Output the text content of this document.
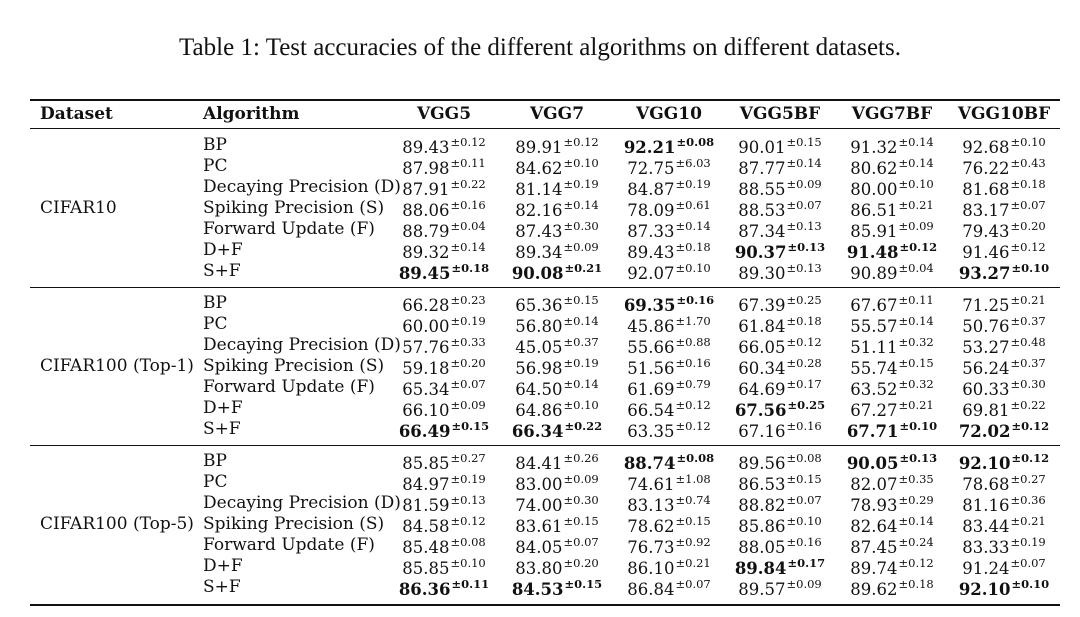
Table 1: Test accuracies of the different algorithms on different datasets.
Dataset	Algorithm	VGG5	VGG7	VGG10	VGG5BF	VGG7BF	VGG10BF
CIFAR10
BP	$89.43^{\pm 0.12}$	$89.91^{\pm 0.12}$	$92.21^{\pm 0.08}$	$90.01^{\pm 0.15}$	$91.32^{\pm 0.14}$	$92.68^{\pm 0.10}$
PC	$87.98^{\pm 0.11}$	$84.62^{\pm 0.10}$	$72.75^{\pm 6.03}$	$87.77^{\pm 0.14}$	$80.62^{\pm 0.14}$	$76.22^{\pm 0.43}$
Decaying Precision (D) $87.91^{\pm 0.22}$	$81.14^{\pm 0.19}$	$84.87^{\pm 0.19}$	$88.55^{\pm 0.09}$	$80.00^{\pm 0.10}$	$81.68^{\pm 0.18}$
Spiking Precision (S)	$88.06^{\pm 0.16}$	$82.16^{\pm 0.14}$	$78.09^{\pm 0.61}$	$88.53^{\pm 0.07}$	$86.51^{\pm 0.21}$	$83.17^{\pm 0.07}$
Forward Update (F)	$88.79^{\pm 0.04}$	$87.43^{\pm 0.30}$	$87.33^{\pm 0.14}$	$87.34^{\pm 0.13}$	$85.91^{\pm 0.09}$	$79.43^{\pm 0.20}$
D+F	$89.32^{\pm 0.14}$	$89.34^{\pm 0.09}$	$89.43^{\pm 0.18}$	$90.37^{\pm 0.13}$	$91.48^{\pm 0.12}$	$91.46^{\pm 0.12}$
S+F	$89.45^{\pm 0.18}$	$90.08^{\pm 0.21}$	$92.07^{\pm 0.10}$	$89.30^{\pm 0.13}$	$90.89^{\pm 0.04}$	$93.27^{\pm 0.10}$
CIFAR100 (Top-1)
BP	$66.28^{\pm 0.23}$	$65.36^{\pm 0.15}$	$69.35^{\pm 0.16}$	$67.39^{\pm 0.25}$	$67.67^{\pm 0.11}$	$71.25^{\pm 0.21}$
PC	$60.00^{\pm 0.19}$	$56.80^{\pm 0.14}$	$45.86^{\pm 1.70}$	$61.84^{\pm 0.18}$	$55.57^{\pm 0.14}$	$50.76^{\pm 0.37}$
Decaying Precision (D) $57.76^{\pm 0.33}$	$45.05^{\pm 0.37}$	$55.66^{\pm 0.88}$	$66.05^{\pm 0.12}$	$51.11^{\pm 0.32}$	$53.27^{\pm 0.48}$
Spiking Precision (S)	$59.18^{\pm 0.20}$	$56.98^{\pm 0.19}$	$51.56^{\pm 0.16}$	$60.34^{\pm 0.28}$	$55.74^{\pm 0.15}$	$56.24^{\pm 0.37}$
Forward Update (F)	$65.34^{\pm 0.07}$	$64.50^{\pm 0.14}$	$61.69^{\pm 0.79}$	$64.69^{\pm 0.17}$	$63.52^{\pm 0.32}$	$60.33^{\pm 0.30}$
D+F	$66.10^{\pm 0.09}$	$64.86^{\pm 0.10}$	$66.54^{\pm 0.12}$	$67.56^{\pm 0.25}$	$67.27^{\pm 0.21}$	$69.81^{\pm 0.22}$
S+F	$66.49^{\pm 0.15}$	$66.34^{\pm 0.22}$	$63.35^{\pm 0.12}$	$67.16^{\pm 0.16}$	$67.71^{\pm 0.10}$	$72.02^{\pm 0.12}$
CIFAR100 (Top-5)
BP	$85.85^{\pm 0.27}$	$84.41^{\pm 0.26}$	$88.74^{\pm 0.08}$	$89.56^{\pm 0.08}$	$90.05^{\pm 0.13}$	$92.10^{\pm 0.12}$
PC	$84.97^{\pm 0.19}$	$83.00^{\pm 0.09}$	$74.61^{\pm 1.08}$	$86.53^{\pm 0.15}$	$82.07^{\pm 0.35}$	$78.68^{\pm 0.27}$
Decaying Precision (D) $81.59^{\pm 0.13}$	$74.00^{\pm 0.30}$	$83.13^{\pm 0.74}$	$88.82^{\pm 0.07}$	$78.93^{\pm 0.29}$	$81.16^{\pm 0.36}$
Spiking Precision (S)	$84.58^{\pm 0.12}$	$83.61^{\pm 0.15}$	$78.62^{\pm 0.15}$	$85.86^{\pm 0.10}$	$82.64^{\pm 0.14}$	$83.44^{\pm 0.21}$
Forward Update (F)	$85.48^{\pm 0.08}$	$84.05^{\pm 0.07}$	$76.73^{\pm 0.92}$	$88.05^{\pm 0.16}$	$87.45^{\pm 0.24}$	$83.33^{\pm 0.19}$
D+F	$85.85^{\pm 0.10}$	$83.80^{\pm 0.20}$	$86.10^{\pm 0.21}$	$89.84^{\pm 0.17}$	$89.74^{\pm 0.12}$	$91.24^{\pm 0.07}$
S+F	$86.36^{\pm 0.11}$	$84.53^{\pm 0.15}$	$86.84^{\pm 0.07}$	$89.57^{\pm 0.09}$	$89.62^{\pm 0.18}$	$92.10^{\pm 0.10}$
